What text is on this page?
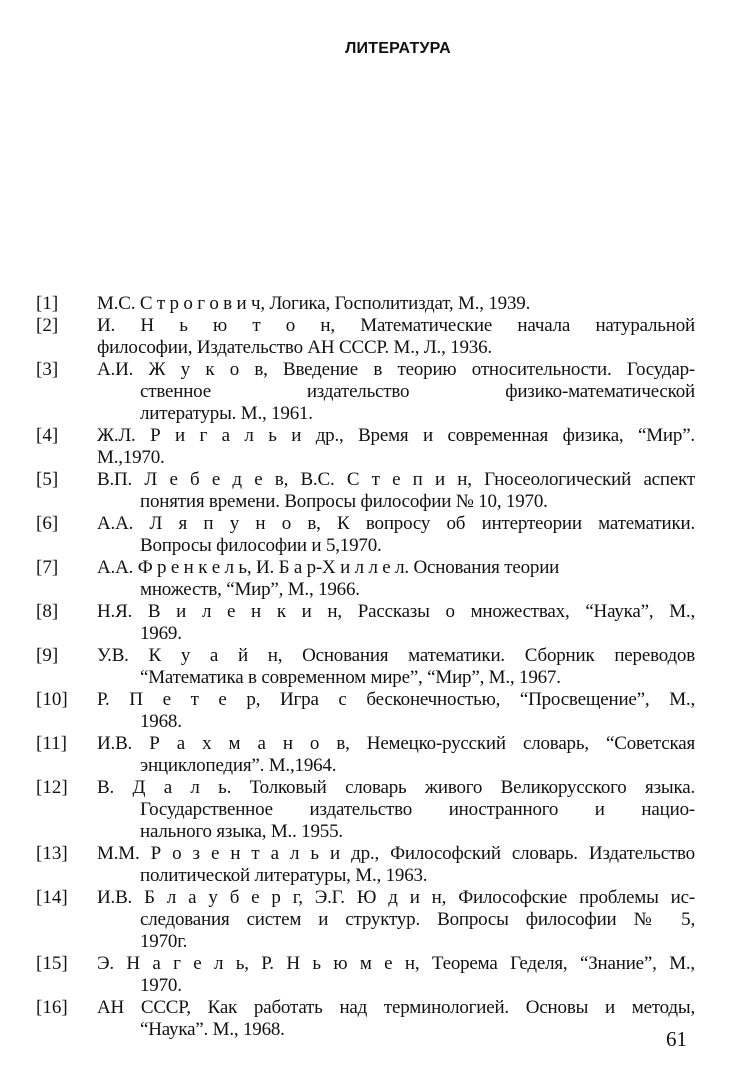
ЛИТЕРАТУРА
[1] М.С. С т р о г о в и ч, Логика, Госполитиздат, М., 1939.
[2] И. Н ь ю т о н, Математические начала натуральной
философии, Издательство АН СССР. М., Л., 1936.
[3] А.И. Ж у к о в, Введение в теорию относительности. Государ-
ственное издательство физико-математической
литературы. М., 1961.
[4] Ж.Л. Р и г а л ь и др., Время и современная физика, “Мир”.
М.,1970.
[5] В.П. Л е б е д е в, В.С. С т е п и н, Гносеологический аспект
понятия времени. Вопросы философии № 10, 1970.
[6] А.А. Л я п у н о в, К вопросу об интертеории математики.
Вопросы философии и 5,1970.
[7] А.А. Ф р е н к е л ь, И. Б а р-Х и л л е л. Основания теории
множеств, “Мир”, М., 1966.
[8] Н.Я. В и л е н к и н, Рассказы о множествах, “Наука”, М.,
1969.
[9] У.В. К у а й н, Основания математики. Сборник переводов
“Математика в современном мире”, “Мир”, М., 1967.
[10] Р. П е т е р, Игра с бесконечностью, “Просвещение”, М.,
1968.
[11] И.В. Р а х м а н о в, Немецко-русский словарь, “Советская
энциклопедия”. М.,1964.
[12] В. Д а л ь. Толковый словарь живого Великорусского языка.
Государственное издательство иностранного и нацио-
нального языка, М.. 1955.
[13] М.М. Р о з е н т а л ь и др., Философский словарь. Издательство
политической литературы, М., 1963.
[14] И.В. Б л а у б е р г, Э.Г. Ю д и н, Философские проблемы ис-
следования систем и структур. Вопросы философии № 5,
1970г.
[15] Э. Н а г е л ь, Р. Н ь ю м е н, Теорема Геделя, “Знание”, М.,
1970.
[16] АН СССР, Как работать над терминологией. Основы и методы,
“Наука”. М., 1968.	61
